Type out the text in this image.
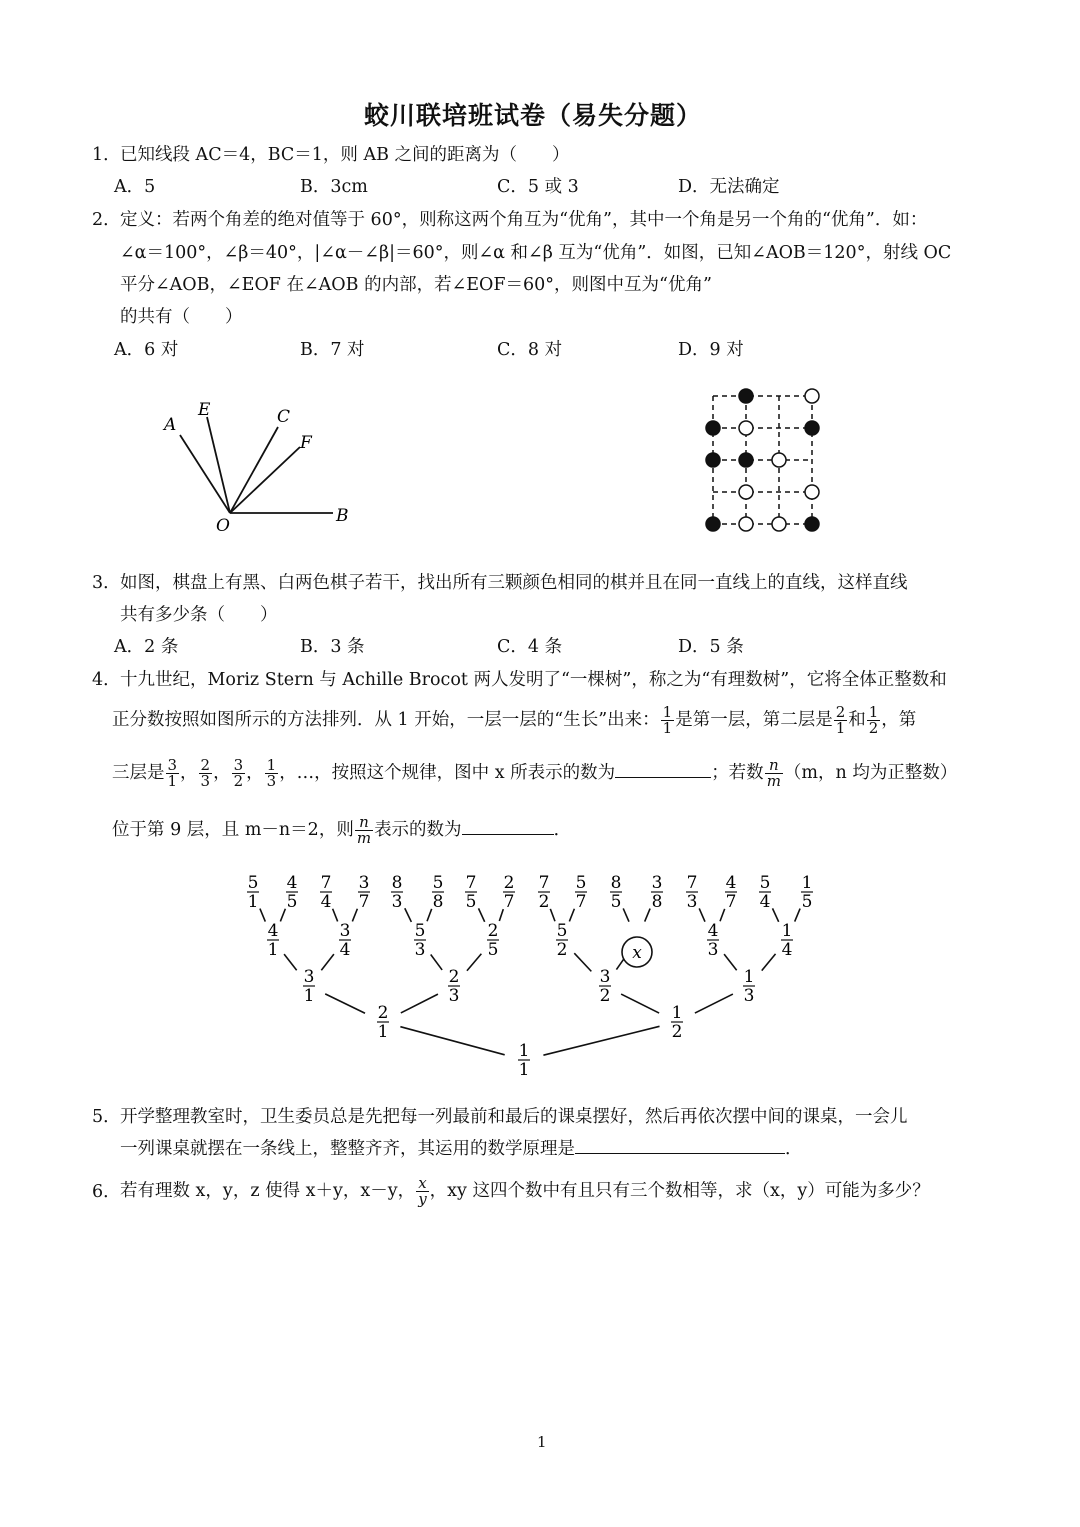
蛟川联培班试卷（易失分题）
1． 已知线段 AC＝4，BC＝1，则 AB 之间的距离为（　　）
A．5	B．3cm	C．5 或 3	D．无法确定
2． 定义：若两个角差的绝对值等于 60°，则称这两个角互为“优角”，其中一个角是另一个角的“优角”．如：
∠α＝100°，∠β＝40°，|∠α－∠β|＝60°，则∠α 和∠β 互为“优角”．如图，已知∠AOB＝120°，射线 OC
平分∠AOB，∠EOF 在∠AOB 的内部，若∠EOF＝60°，则图中互为“优角”
的共有（　　）
A．6 对	B．7 对	C．8 对	D．9 对
A
E	C
F
O	B
3． 如图，棋盘上有黑、白两色棋子若干，找出所有三颗颜色相同的棋并且在同一直线上的直线，这样直线
共有多少条（　　）
A．2 条	B．3 条	C．4 条	D．5 条
4． 十九世纪，Moriz Stern 与 Achille Brocot 两人发明了“一棵树”，称之为“有理数树”，它将全体正整数和
正分数按照如图所示的方法排列．从 1 开始，一层一层的“生长”出来： $\frac{1}{1}$ 是第一层，第二层是 $\frac{2}{1}$ 和 $\frac{1}{2}$ ，第
三层是 $\frac{3}{1}$ ， $\frac{2}{3}$ ， $\frac{3}{2}$ ， $\frac{1}{3}$ ，…，按照这个规律，图中 x 所表示的数为	；若数 $\frac{n}{m} (m$，n 均为正整数）
位于第 9 层，且 m－n＝2，则 $\frac{n}{m}$ 表示的数为	．
1
1
2
1
1
2
3
1
2
3
3
2
1
3
4
1
3
4
5
3
2
5
5
2	x
4
3
1
4
5
1
4
5
7
4
3
7
8
3
5
8
7
5
2
7
7
2
5
7
8
5
3
8
7
3
4
7
5
4
1
5
5． 开学整理教室时，卫生委员总是先把每一列最前和最后的课桌摆好，然后再依次摆中间的课桌，一会儿
一列课桌就摆在一条线上，整整齐齐，其运用的数学原理是	．
6． 若有理数 x，y，z 使得 x＋y，x－y， $\frac{x}{y}$ ，xy 这四个数中有且只有三个数相等，求（x，y）可能为多少？
1
